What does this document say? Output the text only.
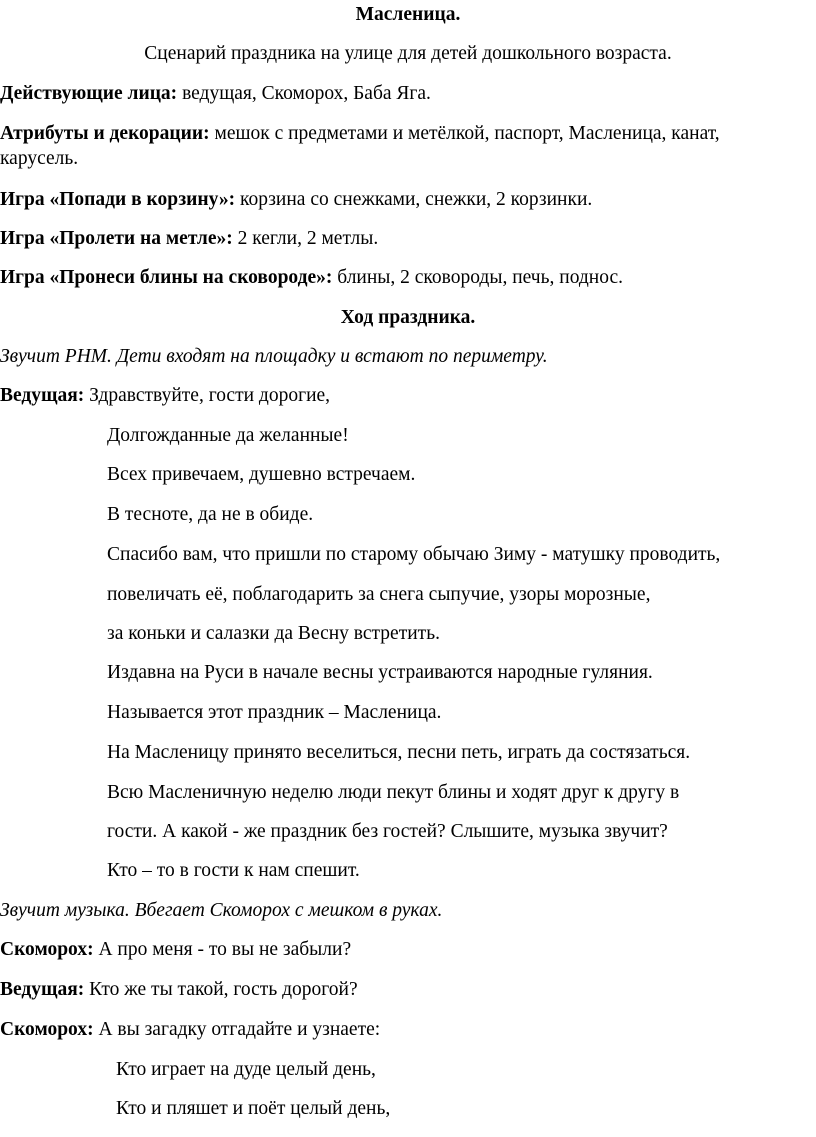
Масленица.
Сценарий праздника на улице для детей дошкольного возраста.
Действующие лица: ведущая, Скоморох, Баба Яга.
Атрибуты и декорации: мешок с предметами и метёлкой, паспорт, Масленица, канат,
карусель.
Игра «Попади в корзину»: корзина со снежками, снежки, 2 корзинки.
Игра «Пролети на метле»: 2 кегли, 2 метлы.
Игра «Пронеси блины на сковороде»: блины, 2 сковороды, печь, поднос.
Ход праздника.
Звучит РНМ. Дети входят на площадку и встают по периметру.
Ведущая: Здравствуйте, гости дорогие,
Долгожданные да желанные!
Всех привечаем, душевно встречаем.
В тесноте, да не в обиде.
Спасибо вам, что пришли по старому обычаю Зиму - матушку проводить,
повеличать её, поблагодарить за снега сыпучие, узоры морозные,
за коньки и салазки да Весну встретить.
Издавна на Руси в начале весны устраиваются народные гуляния.
Называется этот праздник – Масленица.
На Масленицу принято веселиться, песни петь, играть да состязаться.
Всю Масленичную неделю люди пекут блины и ходят друг к другу в
гости. А какой - же праздник без гостей? Слышите, музыка звучит?
Кто – то в гости к нам спешит.
Звучит музыка. Вбегает Скоморох с мешком в руках.
Скоморох: А про меня - то вы не забыли?
Ведущая: Кто же ты такой, гость дорогой?
Скоморох: А вы загадку отгадайте и узнаете:
Кто играет на дуде целый день,
Кто и пляшет и поёт целый день,
